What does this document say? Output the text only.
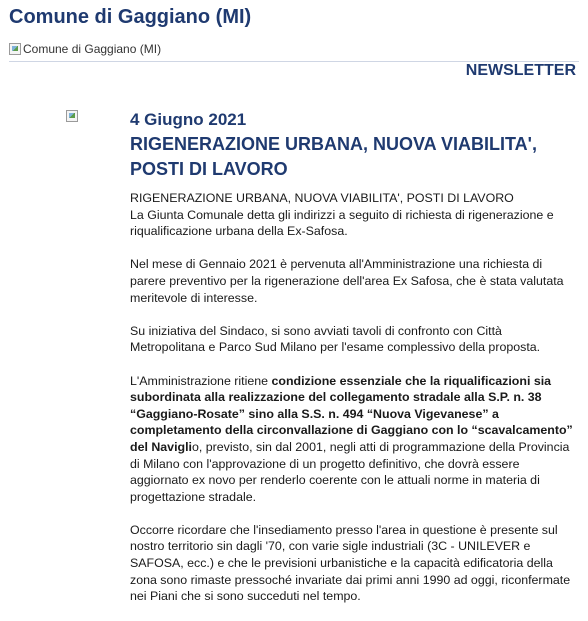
Comune di Gaggiano (MI)
Comune di Gaggiano (MI)
NEWSLETTER
4 Giugno 2021
RIGENERAZIONE URBANA, NUOVA VIABILITA', POSTI DI LAVORO

RIGENERAZIONE URBANA, NUOVA VIABILITA', POSTI DI LAVORO

La Giunta Comunale detta gli indirizzi a seguito di richiesta di rigenerazione e riqualificazione urbana della Ex-Safosa.

Nel mese di Gennaio 2021 è pervenuta all'Amministrazione una richiesta di parere preventivo per la rigenerazione dell'area Ex Safosa, che è stata valutata meritevole di interesse.

Su iniziativa del Sindaco, si sono avviati tavoli di confronto con Città Metropolitana e Parco Sud Milano per l'esame complessivo della proposta.

L'Amministrazione ritiene condizione essenziale che la riqualificazioni sia subordinata alla realizzazione del collegamento stradale alla S.P. n. 38 “Gaggiano-Rosate” sino alla S.S. n. 494 “Nuova Vigevanese” a completamento della circonvallazione di Gaggiano con lo “scavalcamento” del Naviglio, previsto, sin dal 2001, negli atti di programmazione della Provincia di Milano con l'approvazione di un progetto definitivo, che dovrà essere aggiornato ex novo per renderlo coerente con le attuali norme in materia di progettazione stradale.

Occorre ricordare che l'insediamento presso l'area in questione è presente sul nostro territorio sin dagli '70, con varie sigle industriali (3C - UNILEVER e SAFOSA, ecc.) e che le previsioni urbanistiche e la capacità edificatoria della zona sono rimaste pressoché invariate dai primi anni 1990 ad oggi, riconfermate nei Piani che si sono succeduti nel tempo.
